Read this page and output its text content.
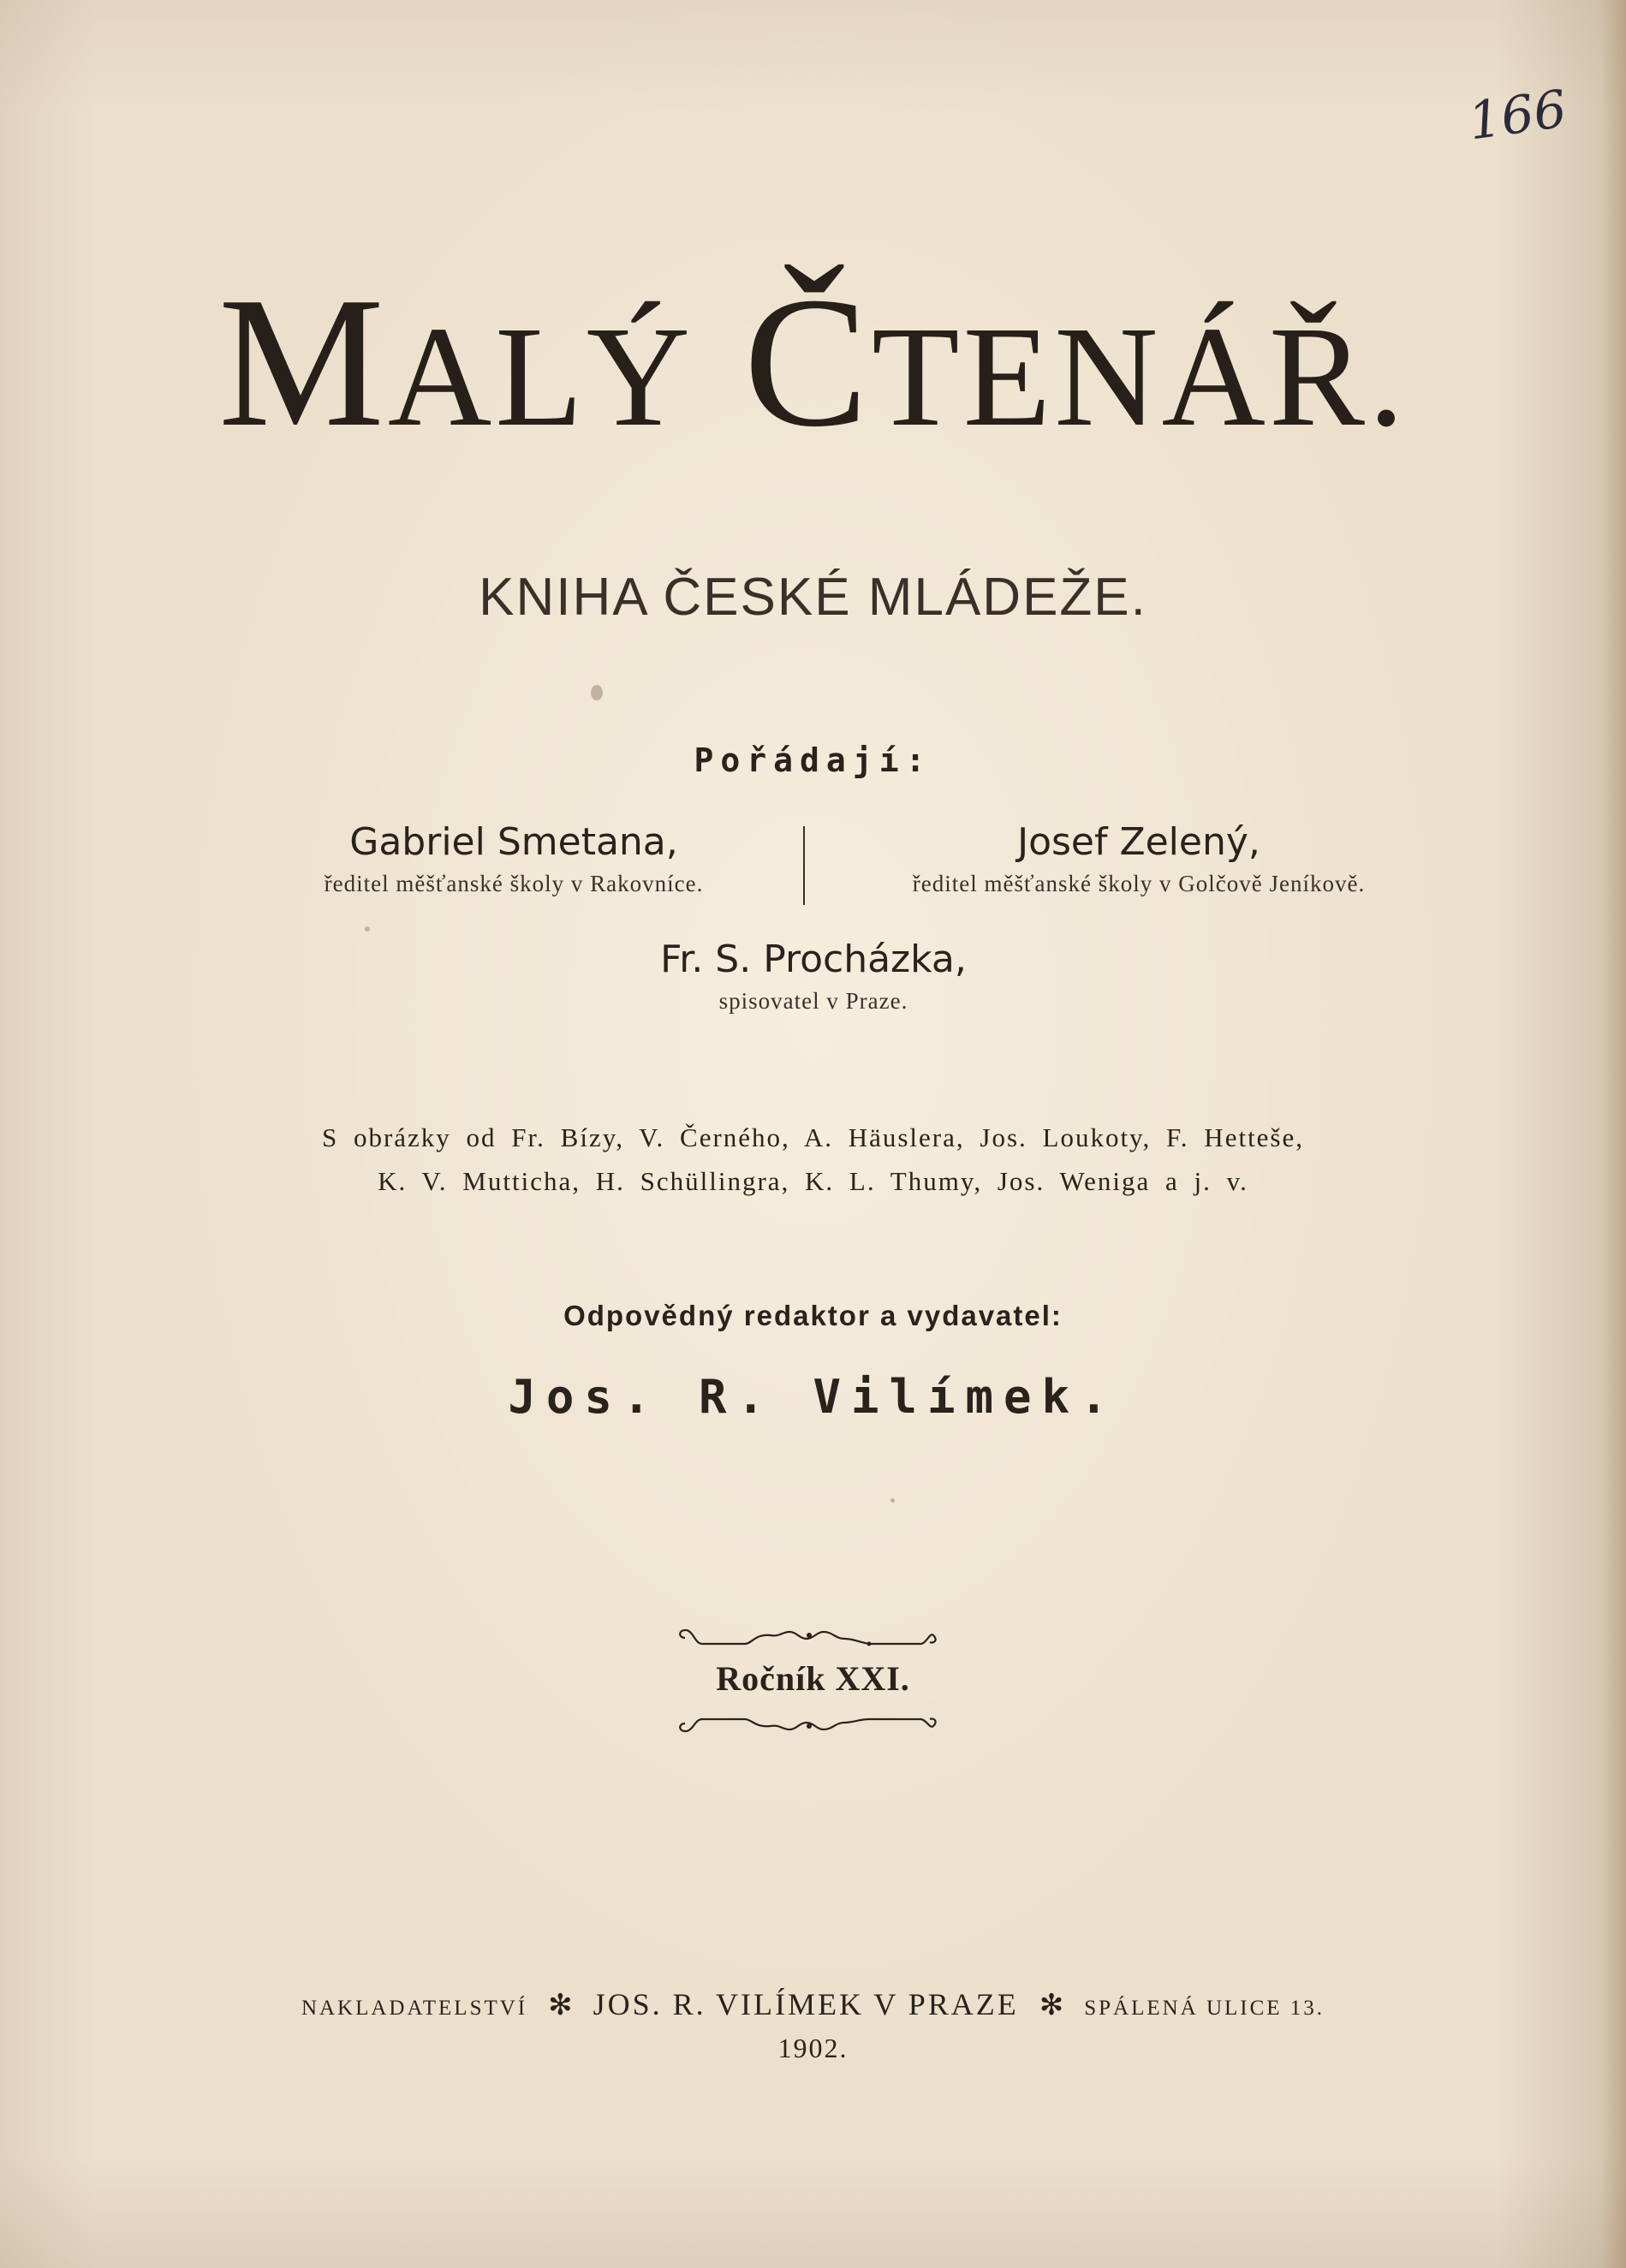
166
MALÝ ČTENÁŘ.
KNIHA ČESKÉ MLÁDEŽE.
Pořádají:
Gabriel Smetana,
ředitel měšťanské školy v Rakovníce.
Josef Zelený,
ředitel měšťanské školy v Golčově Jeníkově.
Fr. S. Procházka,
spisovatel v Praze.
S obrázky od Fr. Bízy, V. Černého, A. Häuslera, Jos. Loukoty, F. Hetteše,
K. V. Mutticha, H. Schüllingra, K. L. Thumy, Jos. Weniga a j. v.
Odpovědný redaktor a vydavatel:
Jos. R. Vilímek.
Ročník XXI.
NAKLADATELSTVÍ ✻ JOS. R. VILÍMEK V PRAZE ✻ SPÁLENÁ ULICE 13.
1902.
